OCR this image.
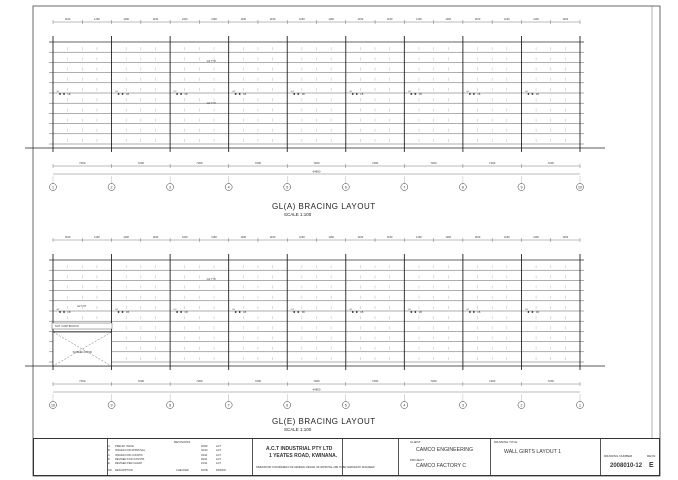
1160	1160	1160	1160	1160	1160	1160	1160	1160	1160	1160	1160	1160	1160	1160	1160	1160	1160
FB
G1
FB
G1
FB
G1
FB
G1
FB
G1
FB
G1
FB
G1
FB
G1
FB
G1
G2 TYP.
G2 TYP.
7200	7200	7200	7200	7200	7200	7200	7200	7200
64800
1	2	3	4	5	6	7	8	9	10
1160	1160	1160	1160	1160	1160	1160	1160	1160	1160	1160	1160	1160	1160	1160	1160	1160	1160
FB
G1
FB
G1
FB
G1
FB
G1
FB
G1
FB
G1
FB
G1
FB
G1
FB
G1
G2 TYP.
SCREEN DOOR
SHT. CONTINUOUS
G2 TYP.
7200	7200	7200	7200	7200	7200	7200	7200	7200
64800
10	9	8	7	6	5	4	3	2	1
GL(A) BRACING LAYOUT
SCALE 1:100
GL(E) BRACING LAYOUT
SCALE 1:100
REVISIONS
A PRELIM. ISSUE	20/09	ACT
B ISSUED FOR APPROVAL	02/10	ACT
C ISSUED FOR CONSTR.	03/11	ACT
D REVISED FOR CONSTR.	09/11	ACT
E REVISED PER CLIENT	15/11	ACT
NO. DESCRIPTION	CHECKED	DATE	DRAWN
A.C.T INDUSTRIAL PTY LTD
1 YEATES ROAD, KWINANA.
DIMENSIONS CONSIDERED FOR GENERAL DESIGN OR APPROVAL ARE TO BE VERIFIED BY ENGINEER
CLIENT
CAMCO ENGINEERING
PROJECT
CAMCO FACTORY C
DRAWING TITLE
WALL GIRTS LAYOUT 1
DRAWING NUMBER
2008010-12
REVN
E
